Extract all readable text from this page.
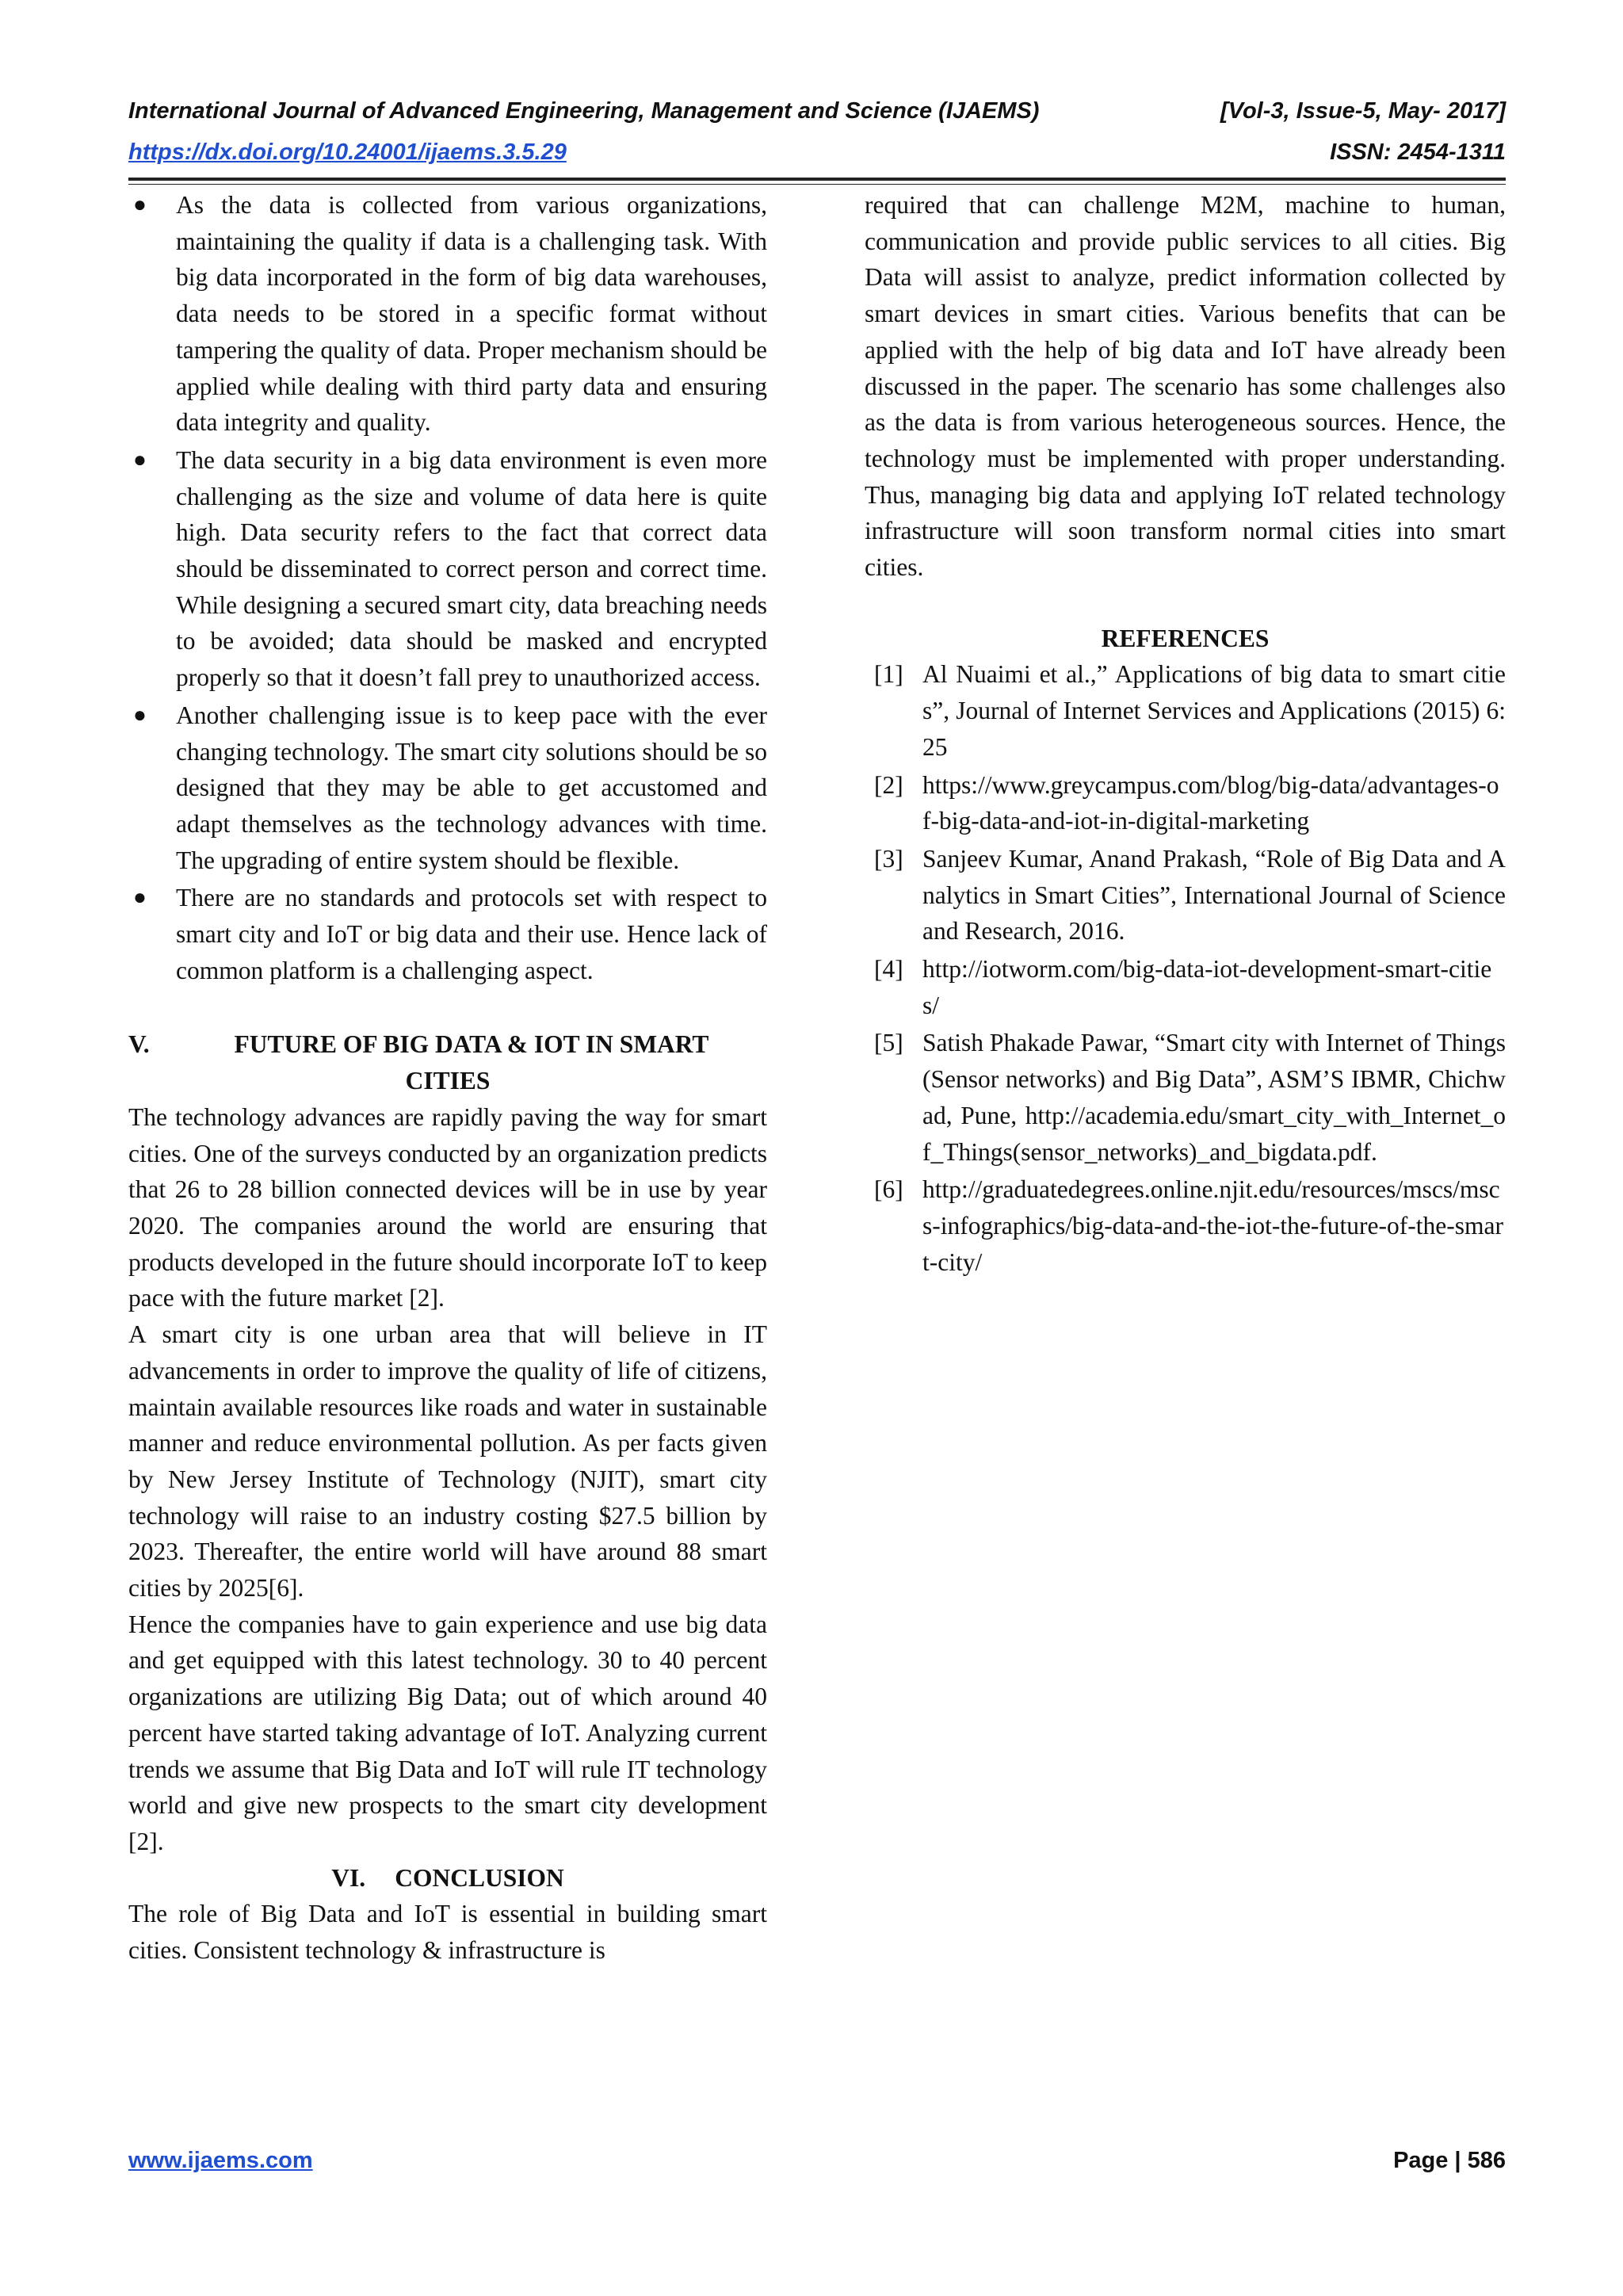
International Journal of Advanced Engineering, Management and Science (IJAEMS)	[Vol-3, Issue-5, May- 2017]
https://dx.doi.org/10.24001/ijaems.3.5.29	ISSN: 2454-1311
● As the data is collected from various organizations, maintaining the quality if data is a challenging task. With big data incorporated in the form of big data warehouses, data needs to be stored in a specific format without tampering the quality of data. Proper mechanism should be applied while dealing with third party data and ensuring data integrity and quality.
● The data security in a big data environment is even more challenging as the size and volume of data here is quite high. Data security refers to the fact that correct data should be disseminated to correct person and correct time. While designing a secured smart city, data breaching needs to be avoided; data should be masked and encrypted properly so that it doesn’t fall prey to unauthorized access.
● Another challenging issue is to keep pace with the ever changing technology. The smart city solutions should be so designed that they may be able to get accustomed and adapt themselves as the technology advances with time. The upgrading of entire system should be flexible.
● There are no standards and protocols set with respect to smart city and IoT or big data and their use. Hence lack of common platform is a challenging aspect.
V.	FUTURE OF BIG DATA & IOT IN SMART
CITIES

The technology advances are rapidly paving the way for smart cities. One of the surveys conducted by an organization predicts that 26 to 28 billion connected devices will be in use by year 2020. The companies around the world are ensuring that products developed in the future should incorporate IoT to keep pace with the future market [2].

A smart city is one urban area that will believe in IT advancements in order to improve the quality of life of citizens, maintain available resources like roads and water in sustainable manner and reduce environmental pollution. As per facts given by New Jersey Institute of Technology (NJIT), smart city technology will raise to an industry costing $27.5 billion by 2023. Thereafter, the entire world will have around 88 smart cities by 2025[6].

Hence the companies have to gain experience and use big data and get equipped with this latest technology. 30 to 40 percent organizations are utilizing Big Data; out of which around 40 percent have started taking advantage of IoT. Analyzing current trends we assume that Big Data and IoT will rule IT technology world and give new prospects to the smart city development [2].

VI. CONCLUSION

The role of Big Data and IoT is essential in building smart cities. Consistent technology & infrastructure is

required that can challenge M2M, machine to human, communication and provide public services to all cities. Big Data will assist to analyze, predict information collected by smart devices in smart cities. Various benefits that can be applied with the help of big data and IoT have already been discussed in the paper. The scenario has some challenges also as the data is from various heterogeneous sources. Hence, the technology must be implemented with proper understanding. Thus, managing big data and applying IoT related technology infrastructure will soon transform normal cities into smart cities.

REFERENCES
[1] Al Nuaimi et al.,” Applications of big data to smart cities”, Journal of Internet Services and Applications (2015) 6:25
[2] https://www.greycampus.com/blog/big-data/advantages-of-big-data-and-iot-in-digital-marketing
[3] Sanjeev Kumar, Anand Prakash, “Role of Big Data and Analytics in Smart Cities”, International Journal of Science and Research, 2016.
[4] http://iotworm.com/big-data-iot-development-smart-cities/
[5] Satish Phakade Pawar, “Smart city with Internet of Things (Sensor networks) and Big Data”, ASM’S IBMR, Chichwad, Pune, http://academia.edu/smart_city_with_Internet_of_Things(sensor_networks)_and_bigdata.pdf.
[6] http://graduatedegrees.online.njit.edu/resources/mscs/mscs-infographics/big-data-and-the-iot-the-future-of-the-smart-city/
www.ijaems.com	Page | 586
